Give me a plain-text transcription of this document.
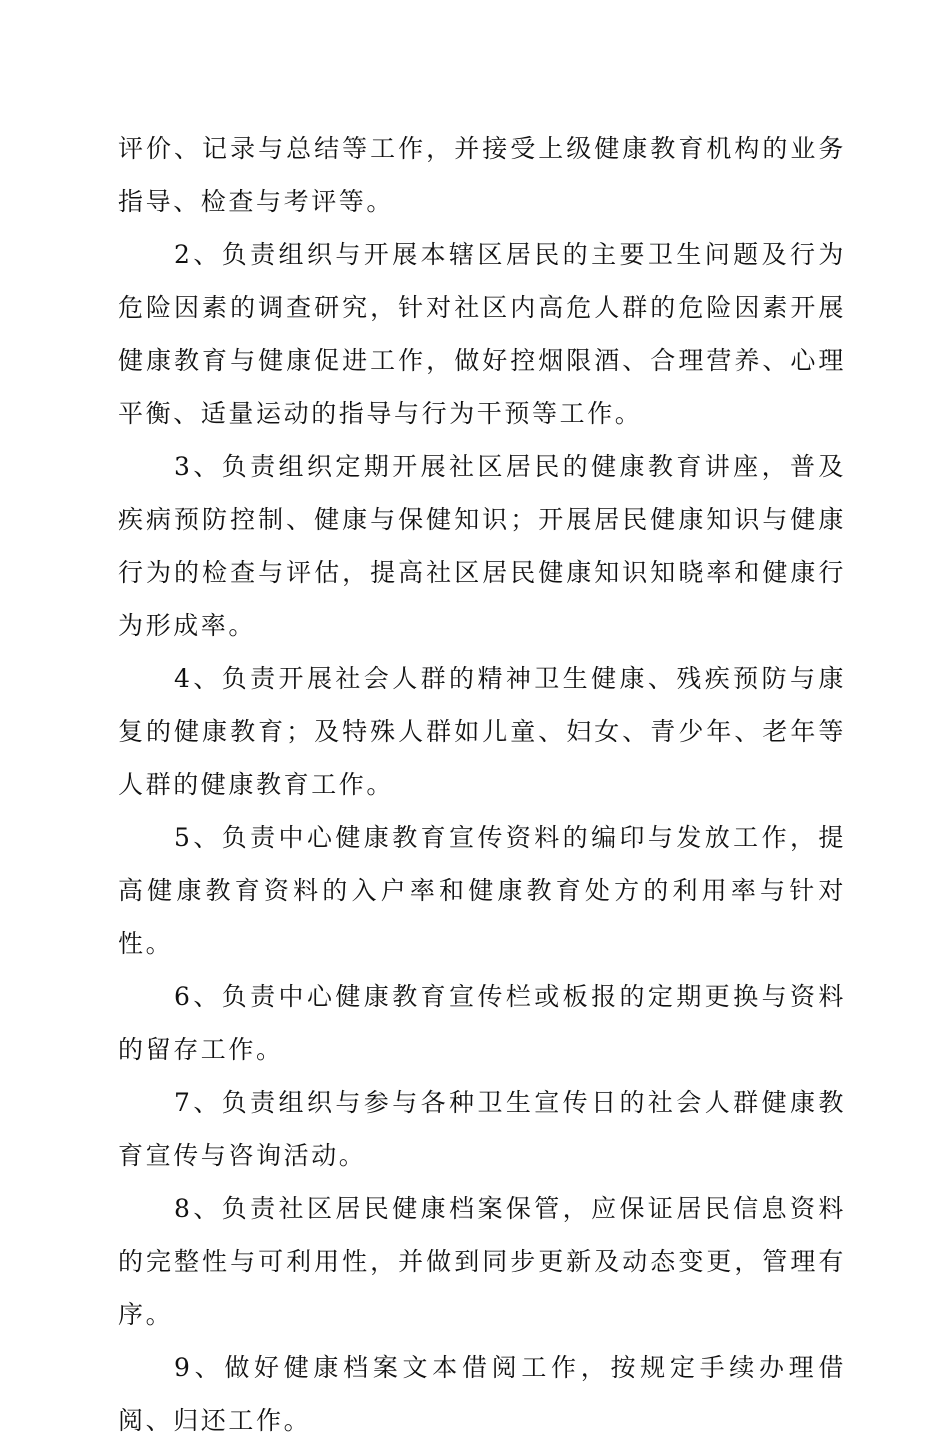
评价、记录与总结等工作，并接受上级健康教育机构的业务指导、检查与考评等。

2、负责组织与开展本辖区居民的主要卫生问题及行为危险因素的调查研究，针对社区内高危人群的危险因素开展健康教育与健康促进工作，做好控烟限酒、合理营养、心理平衡、适量运动的指导与行为干预等工作。

3、负责组织定期开展社区居民的健康教育讲座，普及疾病预防控制、健康与保健知识；开展居民健康知识与健康行为的检查与评估，提高社区居民健康知识知晓率和健康行为形成率。

4、负责开展社会人群的精神卫生健康、残疾预防与康复的健康教育；及特殊人群如儿童、妇女、青少年、老年等人群的健康教育工作。

5、负责中心健康教育宣传资料的编印与发放工作，提高健康教育资料的入户率和健康教育处方的利用率与针对性。

6、负责中心健康教育宣传栏或板报的定期更换与资料的留存工作。

7、负责组织与参与各种卫生宣传日的社会人群健康教育宣传与咨询活动。

8、负责社区居民健康档案保管，应保证居民信息资料的完整性与可利用性，并做到同步更新及动态变更，管理有序。

9、做好健康档案文本借阅工作，按规定手续办理借阅、归还工作。
